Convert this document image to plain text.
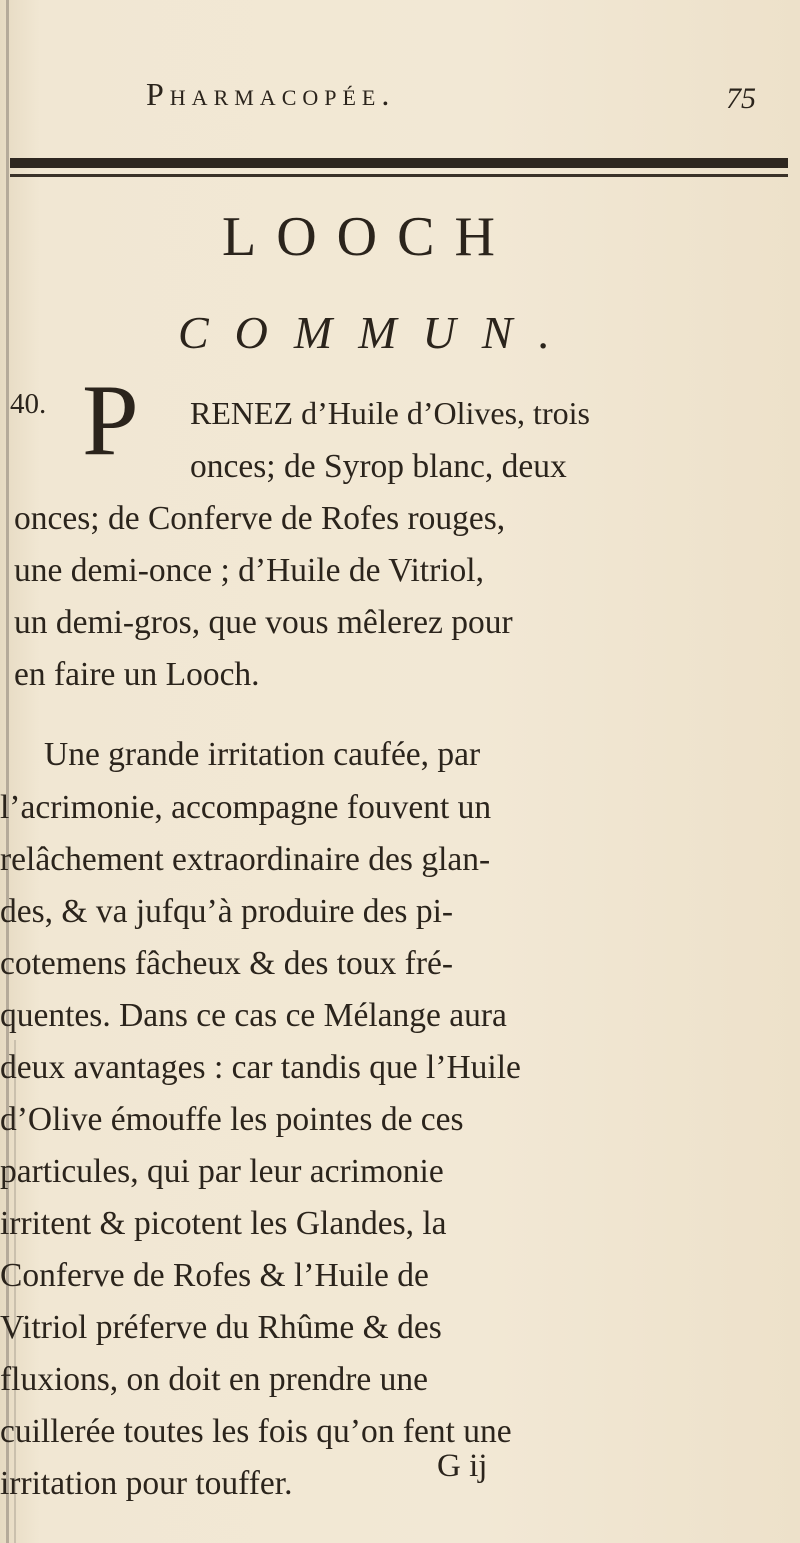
Pharmacopée.	75
LOOCH
COMMUN.
40. P RENEZ d’Huile d’Olives, trois
onces; de Syrop blanc, deux
onces; de Conferve de Rofes rouges,
une demi-once ; d’Huile de Vitriol,
un demi-gros, que vous mêlerez pour
en faire un Looch.
Une grande irritation caufée, par
l’acrimonie, accompagne fouvent un
relâchement extraordinaire des glan-
des, & va jufqu’à produire des pi-
cotemens fâcheux & des toux fré-
quentes. Dans ce cas ce Mélange aura
deux avantages : car tandis que l’Huile
d’Olive émouffe les pointes de ces
particules, qui par leur acrimonie
irritent & picotent les Glandes, la
Conferve de Rofes & l’Huile de
Vitriol préferve du Rhûme & des
fluxions, on doit en prendre une
cuillerée toutes les fois qu’on fent une
irritation pour touffer.	G ij
